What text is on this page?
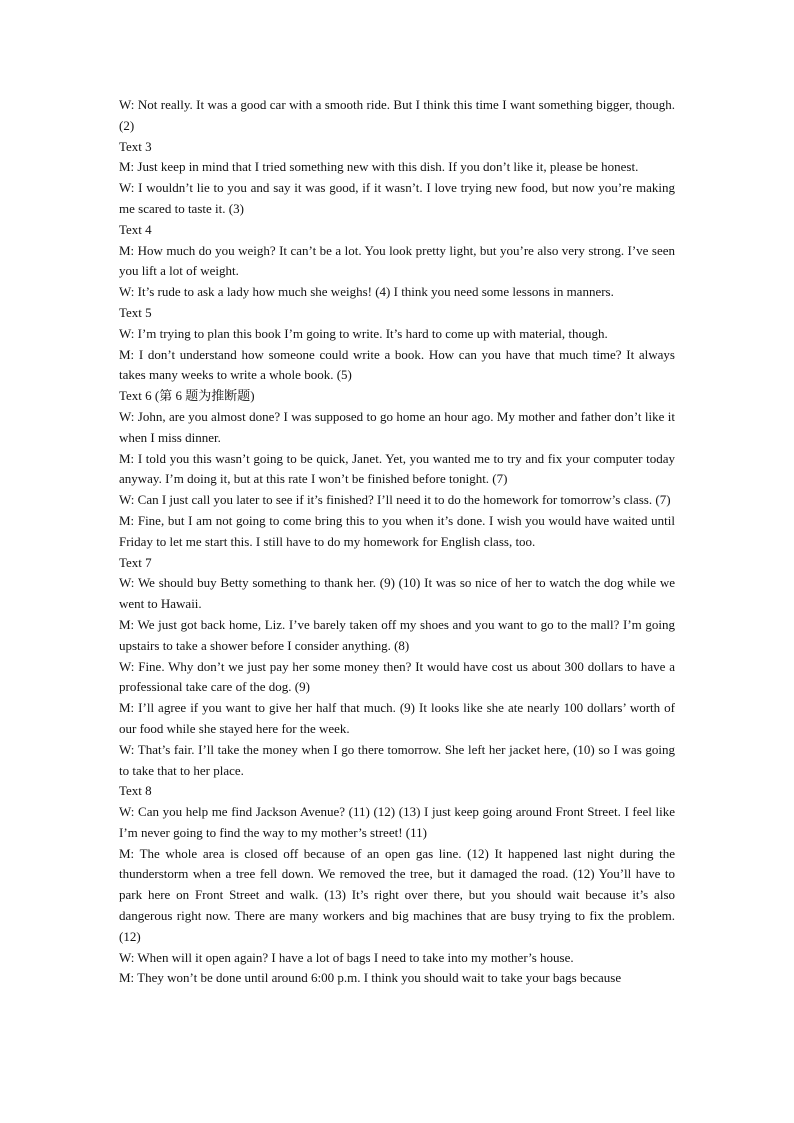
W: Not really. It was a good car with a smooth ride. But I think this time I want something bigger, though. (2)

Text 3

M: Just keep in mind that I tried something new with this dish. If you don’t like it, please be honest.

W: I wouldn’t lie to you and say it was good, if it wasn’t. I love trying new food, but now you’re making me scared to taste it. (3)

Text 4

M: How much do you weigh? It can’t be a lot. You look pretty light, but you’re also very strong. I’ve seen you lift a lot of weight.

W: It’s rude to ask a lady how much she weighs! (4) I think you need some lessons in manners.

Text 5

W: I’m trying to plan this book I’m going to write. It’s hard to come up with material, though.

M: I don’t understand how someone could write a book. How can you have that much time? It always takes many weeks to write a whole book. (5)

Text 6 (第 6 题为推断题)

W: John, are you almost done? I was supposed to go home an hour ago. My mother and father don’t like it when I miss dinner.

M: I told you this wasn’t going to be quick, Janet. Yet, you wanted me to try and fix your computer today anyway. I’m doing it, but at this rate I won’t be finished before tonight. (7)

W: Can I just call you later to see if it’s finished? I’ll need it to do the homework for tomorrow’s class. (7)

M: Fine, but I am not going to come bring this to you when it’s done. I wish you would have waited until Friday to let me start this. I still have to do my homework for English class, too.

Text 7

W: We should buy Betty something to thank her. (9) (10) It was so nice of her to watch the dog while we went to Hawaii.

M: We just got back home, Liz. I’ve barely taken off my shoes and you want to go to the mall? I’m going upstairs to take a shower before I consider anything. (8)

W: Fine. Why don’t we just pay her some money then? It would have cost us about 300 dollars to have a professional take care of the dog. (9)

M: I’ll agree if you want to give her half that much. (9) It looks like she ate nearly 100 dollars’ worth of our food while she stayed here for the week.

W: That’s fair. I’ll take the money when I go there tomorrow. She left her jacket here, (10) so I was going to take that to her place.

Text 8

W: Can you help me find Jackson Avenue? (11) (12) (13) I just keep going around Front Street. I feel like I’m never going to find the way to my mother’s street! (11)

M: The whole area is closed off because of an open gas line. (12) It happened last night during the thunderstorm when a tree fell down. We removed the tree, but it damaged the road. (12) You’ll have to park here on Front Street and walk. (13) It’s right over there, but you should wait because it’s also dangerous right now. There are many workers and big machines that are busy trying to fix the problem. (12)

W: When will it open again? I have a lot of bags I need to take into my mother’s house.

M: They won’t be done until around 6:00 p.m. I think you should wait to take your bags because
